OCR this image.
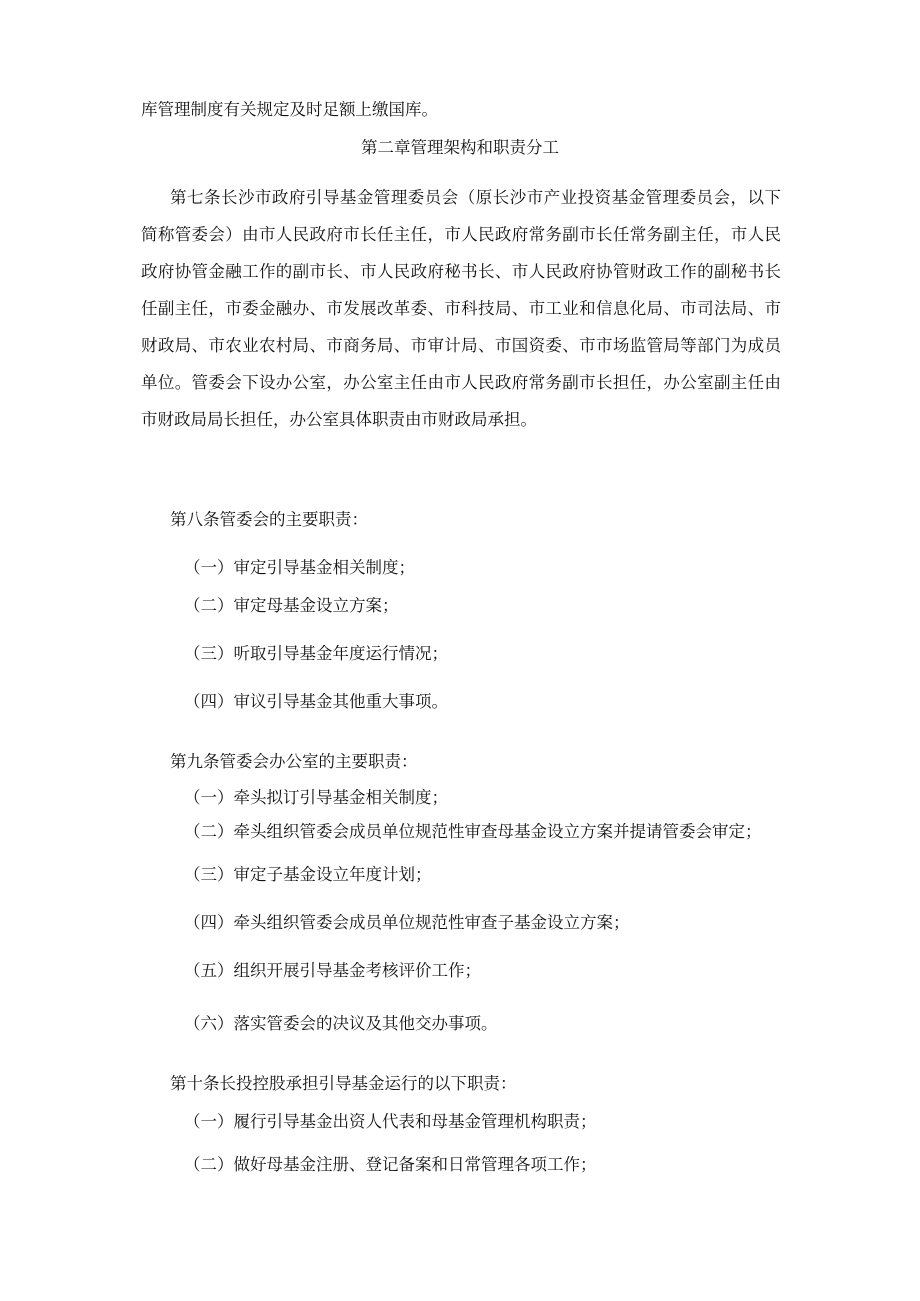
库管理制度有关规定及时足额上缴国库。

第二章管理架构和职责分工

第七条长沙市政府引导基金管理委员会（原长沙市产业投资基金管理委员会，以下

简称管委会）由市人民政府市长任主任，市人民政府常务副市长任常务副主任，市人民

政府协管金融工作的副市长、市人民政府秘书长、市人民政府协管财政工作的副秘书长

任副主任，市委金融办、市发展改革委、市科技局、市工业和信息化局、市司法局、市

财政局、市农业农村局、市商务局、市审计局、市国资委、市市场监管局等部门为成员

单位。管委会下设办公室，办公室主任由市人民政府常务副市长担任，办公室副主任由

市财政局局长担任，办公室具体职责由市财政局承担。

第八条管委会的主要职责：

（一）审定引导基金相关制度；

（二）审定母基金设立方案；

（三）听取引导基金年度运行情况；

（四）审议引导基金其他重大事项。

第九条管委会办公室的主要职责：

（一）牵头拟订引导基金相关制度；

（二）牵头组织管委会成员单位规范性审查母基金设立方案并提请管委会审定；

（三）审定子基金设立年度计划；

（四）牵头组织管委会成员单位规范性审查子基金设立方案；

（五）组织开展引导基金考核评价工作；

（六）落实管委会的决议及其他交办事项。

第十条长投控股承担引导基金运行的以下职责：

（一）履行引导基金出资人代表和母基金管理机构职责；

（二）做好母基金注册、登记备案和日常管理各项工作；
